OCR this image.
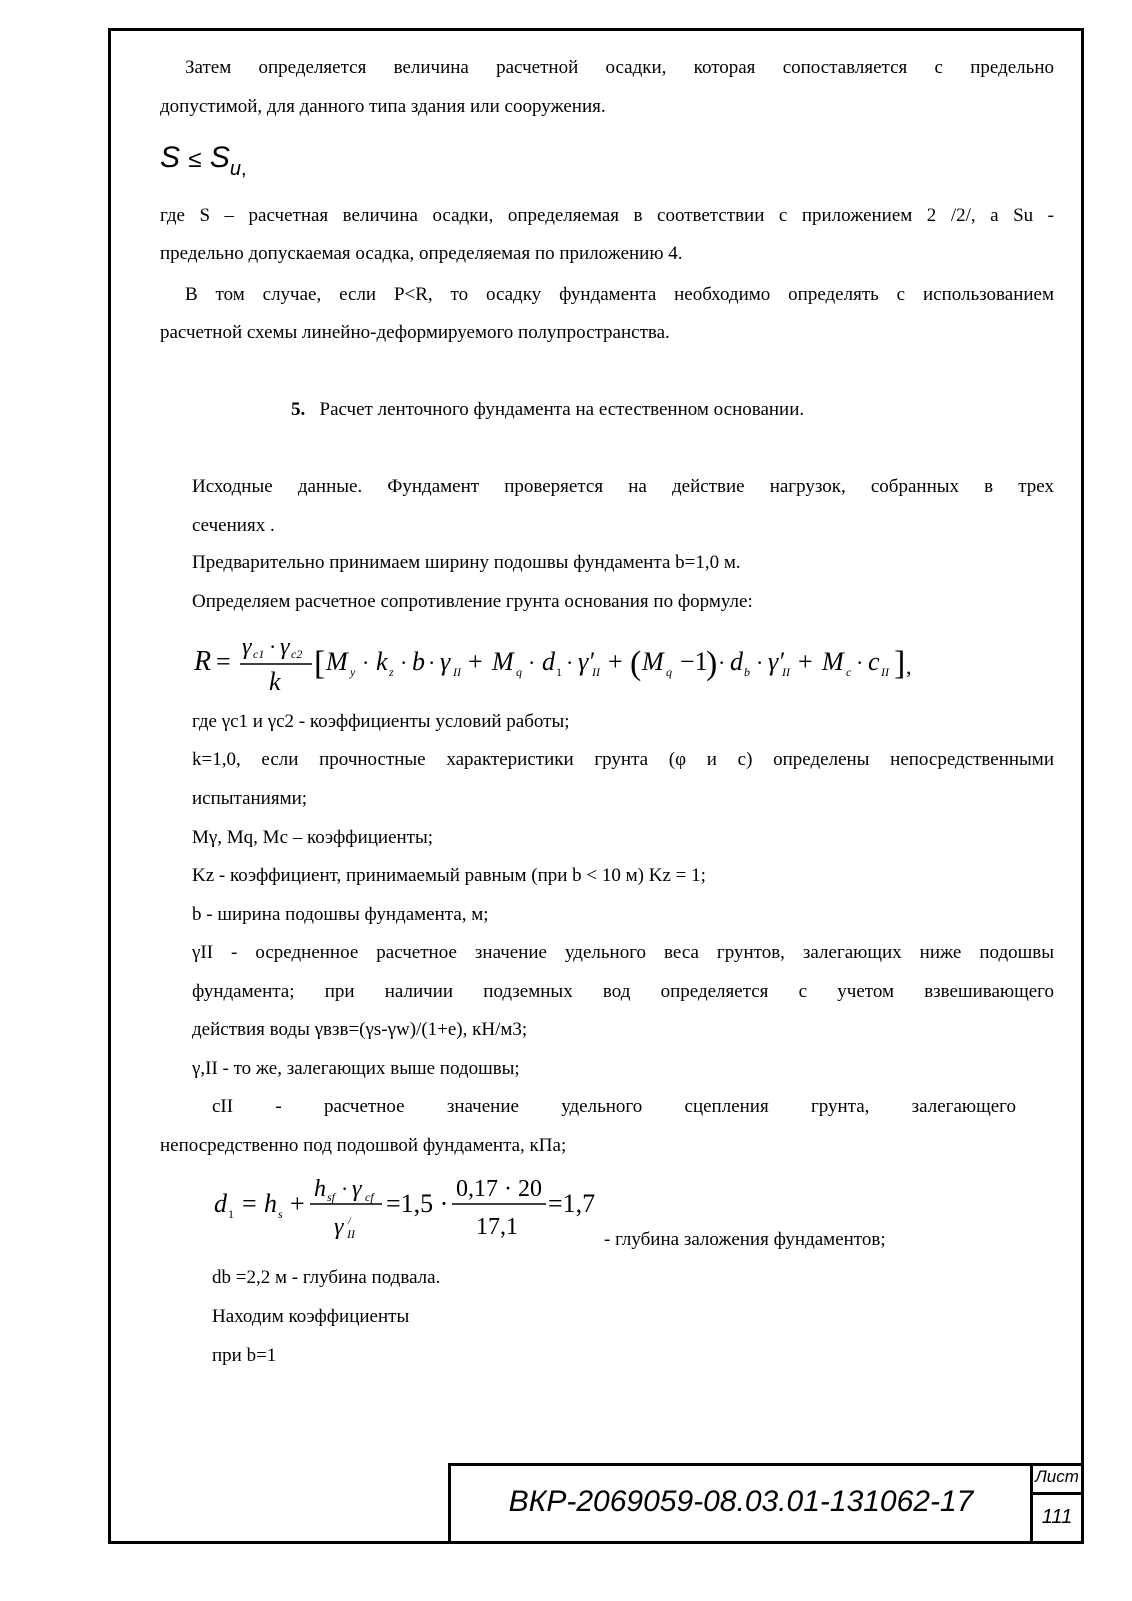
Затем определяется величина расчетной осадки, которая сопоставляется с предельно
допустимой, для данного типа здания или сооружения.
$S \le S_{u,}$
где S – расчетная величина осадки, определяемая в соответствии с приложением 2 /2/, а Su -
предельно допускаемая осадка, определяемая по приложению 4.
В том случае, если P<R, то осадку фундамента необходимо определять с использованием
расчетной схемы линейно-деформируемого полупространства.
5. Расчет ленточного фундамента на естественном основании.
Исходные данные. Фундамент проверяется на действие нагрузок, собранных в трех
сечениях .
Предварительно принимаем ширину подошвы фундамента b=1,0 м.
Определяем расчетное сопротивление грунта основания по формуле:
R = γ c1 · γ c2
k [ M y · k z · b · γ II + M q · d 1 · γ′
II + ( M q −1
) · d b · γ′
II + M c · c II ] ,
где γс1 и γс2 - коэффициенты условий работы;
k=1,0, если прочностные характеристики грунта (φ и с) определены непосредственными
испытаниями;
Mγ, Mq, Mc – коэффициенты;
Kz - коэффициент, принимаемый равным (при b < 10 м) Kz = 1;
b - ширина подошвы фундамента, м;
γII - осредненное расчетное значение удельного веса грунтов, залегающих ниже подошвы
фундамента; при наличии подземных вод определяется с учетом взвешивающего
действия воды γвзв=(γs-γw)/(1+e), кН/м3;
γ,II - то же, залегающих выше подошвы;
cII - расчетное значение удельного сцепления грунта, залегающего
непосредственно под подошвой фундамента, кПа;
d 1 = h s + h sf · γ cf
γ /
II
=1,5 · 0,17 · 20
17,1
=1,7
- глубина заложения фундаментов;
db =2,2 м - глубина подвала.
Находим коэффициенты
при b=1
ВКР-2069059-08.03.01-131062-17
Лист
111
